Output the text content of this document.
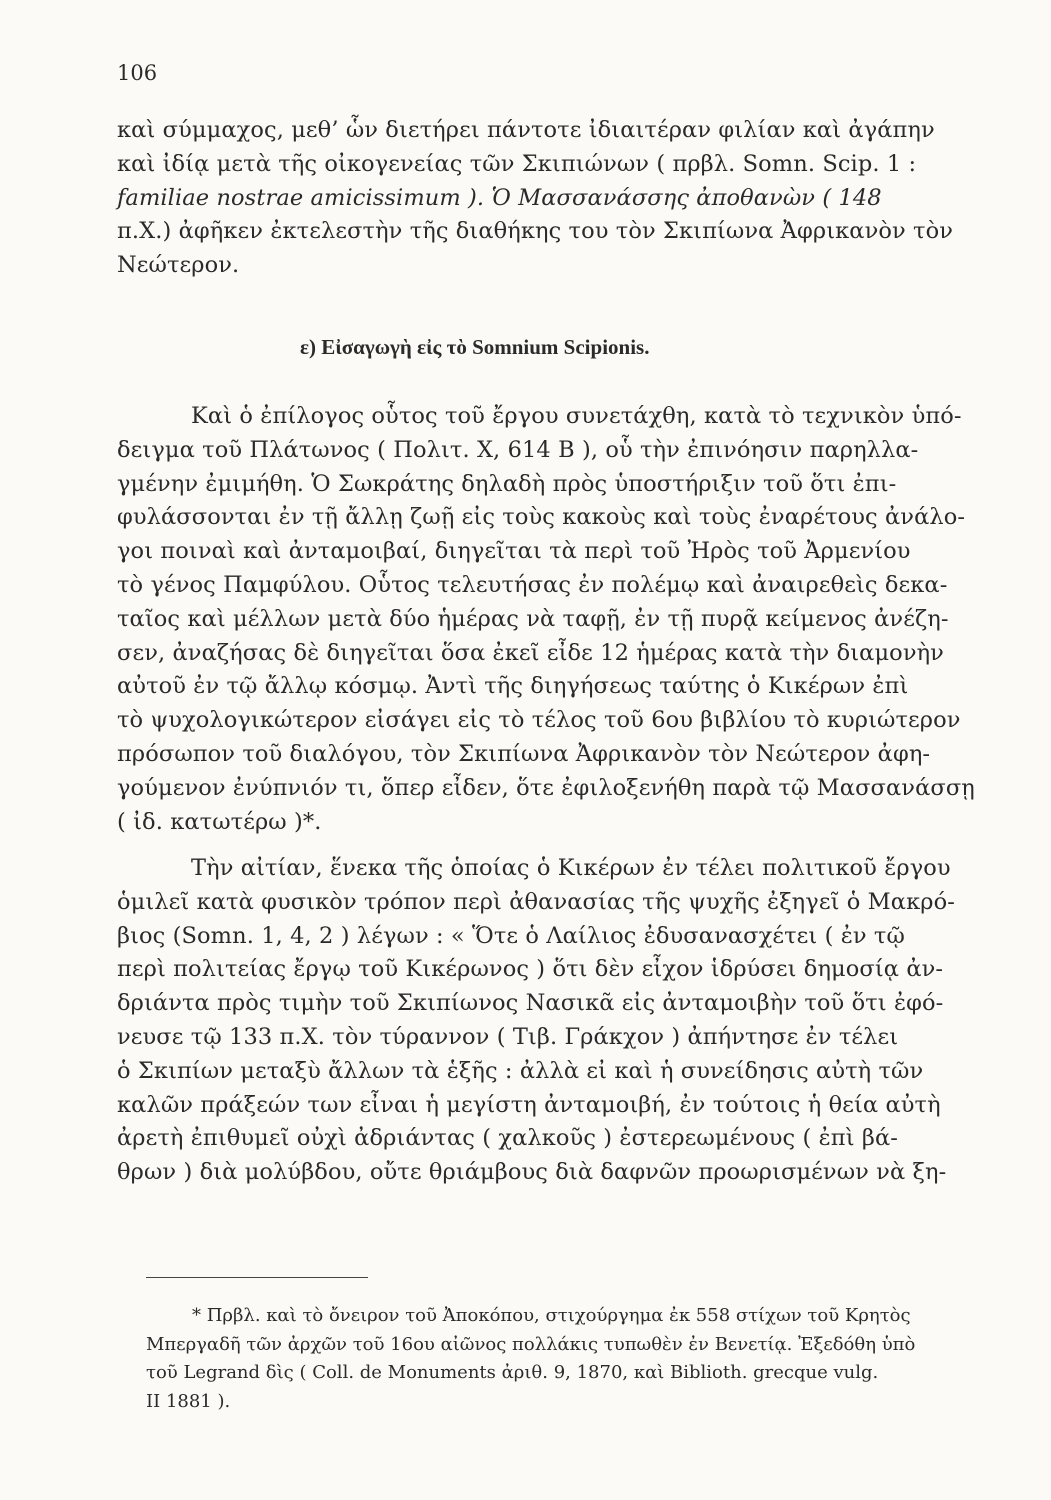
106
καὶ σύμμαχος, μεθ’ ὧν διετήρει πάντοτε ἰδιαιτέραν φιλίαν καὶ ἀγάπην
καὶ ἰδίᾳ μετὰ τῆς οἰκογενείας τῶν Σκιπιώνων ( πρβλ. Somn. Scip. 1 :
familiae nostrae amicissimum ). Ὁ Μασσανάσσης ἀποθανὼν ( 148
π.Χ.) ἀφῆκεν ἐκτελεστὴν τῆς διαθήκης του τὸν Σκιπίωνα Ἀφρικανὸν τὸν
Νεώτερον.
ε) Εἰσαγωγὴ εἰς τὸ Somnium Scipionis.
Καὶ ὁ ἐπίλογος οὗτος τοῦ ἔργου συνετάχθη, κατὰ τὸ τεχνικὸν ὑπό-
δειγμα τοῦ Πλάτωνος ( Πολιτ. Χ, 614 Β ), οὗ τὴν ἐπινόησιν παρηλλα-
γμένην ἐμιμήθη. Ὁ Σωκράτης δηλαδὴ πρὸς ὑποστήριξιν τοῦ ὅτι ἐπι-
φυλάσσονται ἐν τῇ ἄλλῃ ζωῇ εἰς τοὺς κακοὺς καὶ τοὺς ἐναρέτους ἀνάλο-
γοι ποιναὶ καὶ ἀνταμοιβαί, διηγεῖται τὰ περὶ τοῦ Ἠρὸς τοῦ Ἀρμενίου
τὸ γένος Παμφύλου. Οὗτος τελευτήσας ἐν πολέμῳ καὶ ἀναιρεθεὶς δεκα-
ταῖος καὶ μέλλων μετὰ δύο ἡμέρας νὰ ταφῇ, ἐν τῇ πυρᾷ κείμενος ἀνέζη-
σεν, ἀναζήσας δὲ διηγεῖται ὅσα ἐκεῖ εἶδε 12 ἡμέρας κατὰ τὴν διαμονὴν
αὐτοῦ ἐν τῷ ἄλλῳ κόσμῳ. Ἀντὶ τῆς διηγήσεως ταύτης ὁ Κικέρων ἐπὶ
τὸ ψυχολογικώτερον εἰσάγει εἰς τὸ τέλος τοῦ 6ου βιβλίου τὸ κυριώτερον
πρόσωπον τοῦ διαλόγου, τὸν Σκιπίωνα Ἀφρικανὸν τὸν Νεώτερον ἀφη-
γούμενον ἐνύπνιόν τι, ὅπερ εἶδεν, ὅτε ἐφιλοξενήθη παρὰ τῷ Μασσανάσσῃ
( ἰδ. κατωτέρω )*.
Τὴν αἰτίαν, ἕνεκα τῆς ὁποίας ὁ Κικέρων ἐν τέλει πολιτικοῦ ἔργου
ὁμιλεῖ κατὰ φυσικὸν τρόπον περὶ ἀθανασίας τῆς ψυχῆς ἐξηγεῖ ὁ Μακρό-
βιος (Somn. 1, 4, 2 ) λέγων : « Ὅτε ὁ Λαίλιος ἐδυσανασχέτει ( ἐν τῷ
περὶ πολιτείας ἔργῳ τοῦ Κικέρωνος ) ὅτι δὲν εἶχον ἱδρύσει δημοσίᾳ ἀν-
δριάντα πρὸς τιμὴν τοῦ Σκιπίωνος Νασικᾶ εἰς ἀνταμοιβὴν τοῦ ὅτι ἐφό-
νευσε τῷ 133 π.Χ. τὸν τύραννον ( Τιβ. Γράκχον ) ἀπήντησε ἐν τέλει
ὁ Σκιπίων μεταξὺ ἄλλων τὰ ἑξῆς : ἀλλὰ εἰ καὶ ἡ συνείδησις αὐτὴ τῶν
καλῶν πράξεών των εἶναι ἡ μεγίστη ἀνταμοιβή, ἐν τούτοις ἡ θεία αὐτὴ
ἀρετὴ ἐπιθυμεῖ οὐχὶ ἀδριάντας ( χαλκοῦς ) ἐστερεωμένους ( ἐπὶ βά-
θρων ) διὰ μολύβδου, οὔτε θριάμβους διὰ δαφνῶν προωρισμένων νὰ ξη-
* Πρβλ. καὶ τὸ ὄνειρον τοῦ Ἀποκόπου, στιχούργημα ἐκ 558 στίχων τοῦ Κρητὸς
Μπεργαδῆ τῶν ἀρχῶν τοῦ 16ου αἰῶνος πολλάκις τυπωθὲν ἐν Βενετίᾳ. Ἐξεδόθη ὑπὸ
τοῦ Legrand δὶς ( Coll. de Monuments ἀριθ. 9, 1870, καὶ Biblioth. grecque vulg.
II 1881 ).
